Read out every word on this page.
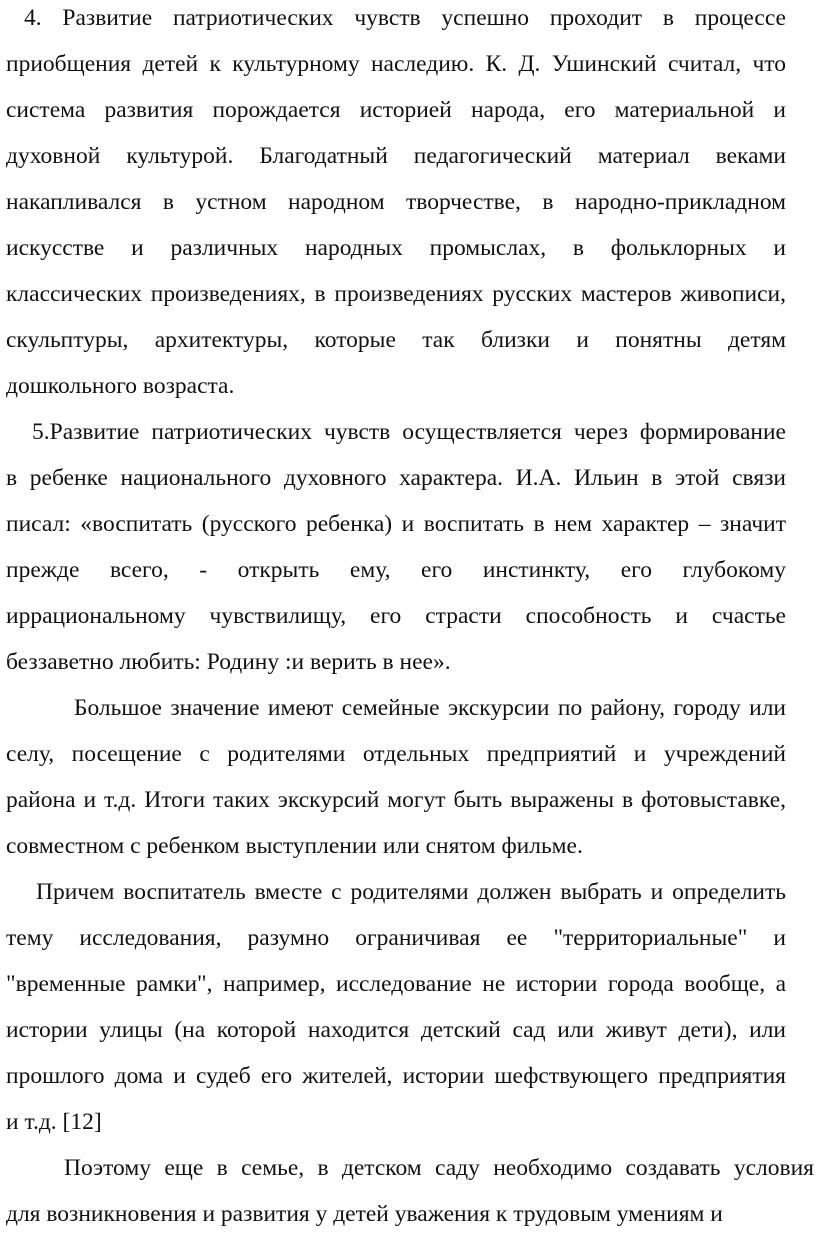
4. Развитие патриотических чувств успешно проходит в процессе
приобщения детей к культурному наследию. К. Д. Ушинский считал, что
система развития порождается историей народа, его материальной и
духовной культурой. Благодатный педагогический материал веками
накапливался в устном народном творчестве, в народно-прикладном
искусстве и различных народных промыслах, в фольклорных и
классических произведениях, в произведениях русских мастеров живописи,
скульптуры, архитектуры, которые так близки и понятны детям
дошкольного возраста.
5.Развитие патриотических чувств осуществляется через формирование
в ребенке национального духовного характера. И.А. Ильин в этой связи
писал: «воспитать (русского ребенка) и воспитать в нем характер – значит
прежде всего, - открыть ему, его инстинкту, его глубокому
иррациональному чувствилищу, его страсти способность и счастье
беззаветно любить: Родину :и верить в нее».
Большое значение имеют семейные экскурсии по району, городу или
селу, посещение с родителями отдельных предприятий и учреждений
района и т.д. Итоги таких экскурсий могут быть выражены в фотовыставке,
совместном с ребенком выступлении или снятом фильме.
Причем воспитатель вместе с родителями должен выбрать и определить
тему исследования, разумно ограничивая ее "территориальные" и
"временные рамки", например, исследование не истории города вообще, а
истории улицы (на которой находится детский сад или живут дети), или
прошлого дома и судеб его жителей, истории шефствующего предприятия
и т.д. [12]
Поэтому еще в семье, в детском саду необходимо создавать условия
для возникновения и развития у детей уважения к трудовым умениям и
